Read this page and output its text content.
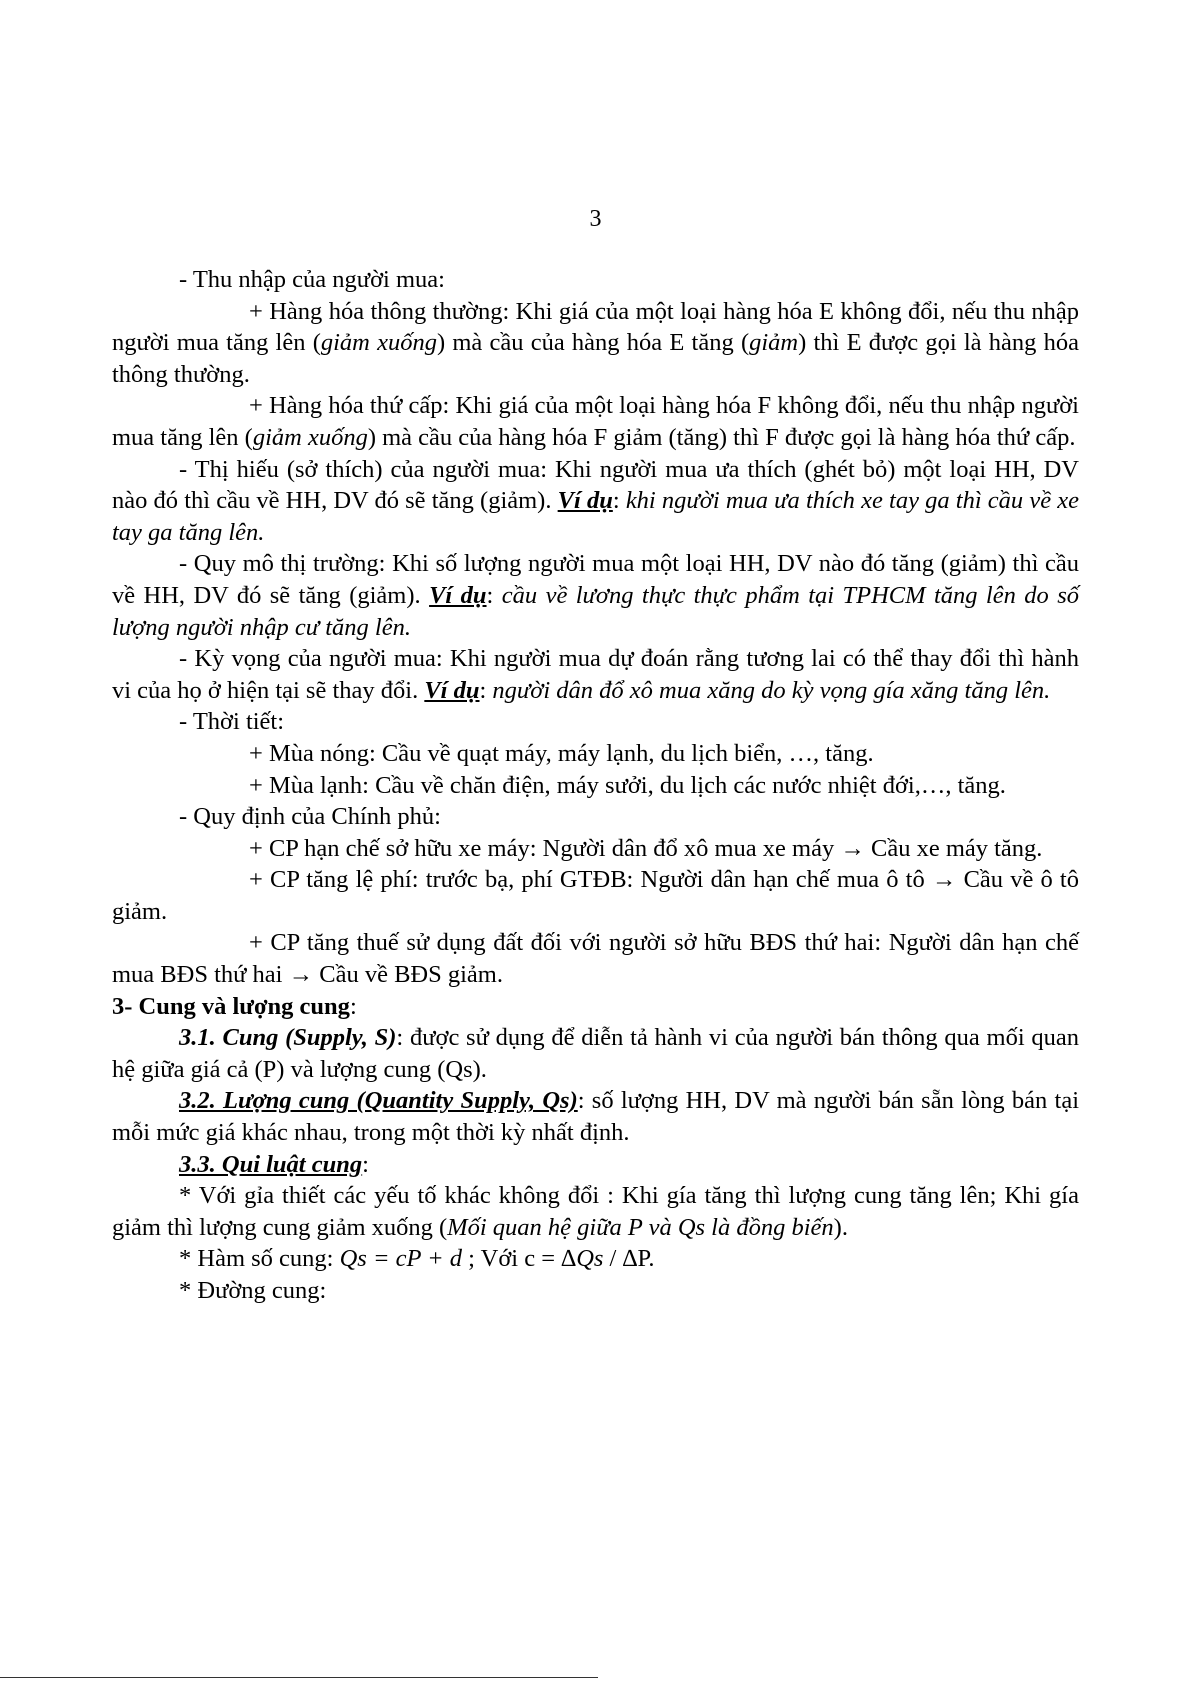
3

- Thu nhập của người mua:

+ Hàng hóa thông thường: Khi giá của một loại hàng hóa E không đổi, nếu thu nhập người mua tăng lên (giảm xuống) mà cầu của hàng hóa E tăng (giảm) thì E được gọi là hàng hóa thông thường.

+ Hàng hóa thứ cấp: Khi giá của một loại hàng hóa F không đổi, nếu thu nhập người mua tăng lên (giảm xuống) mà cầu của hàng hóa F giảm (tăng) thì F được gọi là hàng hóa thứ cấp.

- Thị hiếu (sở thích) của người mua: Khi người mua ưa thích (ghét bỏ) một loại HH, DV nào đó thì cầu về HH, DV đó sẽ tăng (giảm). Ví dụ: khi người mua ưa thích xe tay ga thì cầu về xe tay ga tăng lên.

- Quy mô thị trường: Khi số lượng người mua một loại HH, DV nào đó tăng (giảm) thì cầu về HH, DV đó sẽ tăng (giảm). Ví dụ: cầu về lương thực thực phẩm tại TPHCM tăng lên do số lượng người nhập cư tăng lên.

- Kỳ vọng của người mua: Khi người mua dự đoán rằng tương lai có thể thay đổi thì hành vi của họ ở hiện tại sẽ thay đổi. Ví dụ: người dân đổ xô mua xăng do kỳ vọng gía xăng tăng lên.

- Thời tiết:

+ Mùa nóng: Cầu về quạt máy, máy lạnh, du lịch biển, …, tăng.

+ Mùa lạnh: Cầu về chăn điện, máy sưởi, du lịch các nước nhiệt đới,…, tăng.

- Quy định của Chính phủ:

+ CP hạn chế sở hữu xe máy: Người dân đổ xô mua xe máy → Cầu xe máy tăng.

+ CP tăng lệ phí: trước bạ, phí GTĐB: Người dân hạn chế mua ô tô → Cầu về ô tô giảm.

+ CP tăng thuế sử dụng đất đối với người sở hữu BĐS thứ hai: Người dân hạn chế mua BĐS thứ hai → Cầu về BĐS giảm.

3- Cung và lượng cung:

3.1. Cung (Supply, S): được sử dụng để diễn tả hành vi của người bán thông qua mối quan hệ giữa giá cả (P) và lượng cung (Qs).

3.2. Lượng cung (Quantity Supply, Qs): số lượng HH, DV mà người bán sẵn lòng bán tại mỗi mức giá khác nhau, trong một thời kỳ nhất định.

3.3. Qui luật cung:

* Với gỉa thiết các yếu tố khác không đổi : Khi gía tăng thì lượng cung tăng lên; Khi gía giảm thì lượng cung giảm xuống (Mối quan hệ giữa P và Qs là đồng biến).

* Hàm số cung: Qs = cP + d ; Với c = ∆Qs / ∆P.

* Đường cung:
